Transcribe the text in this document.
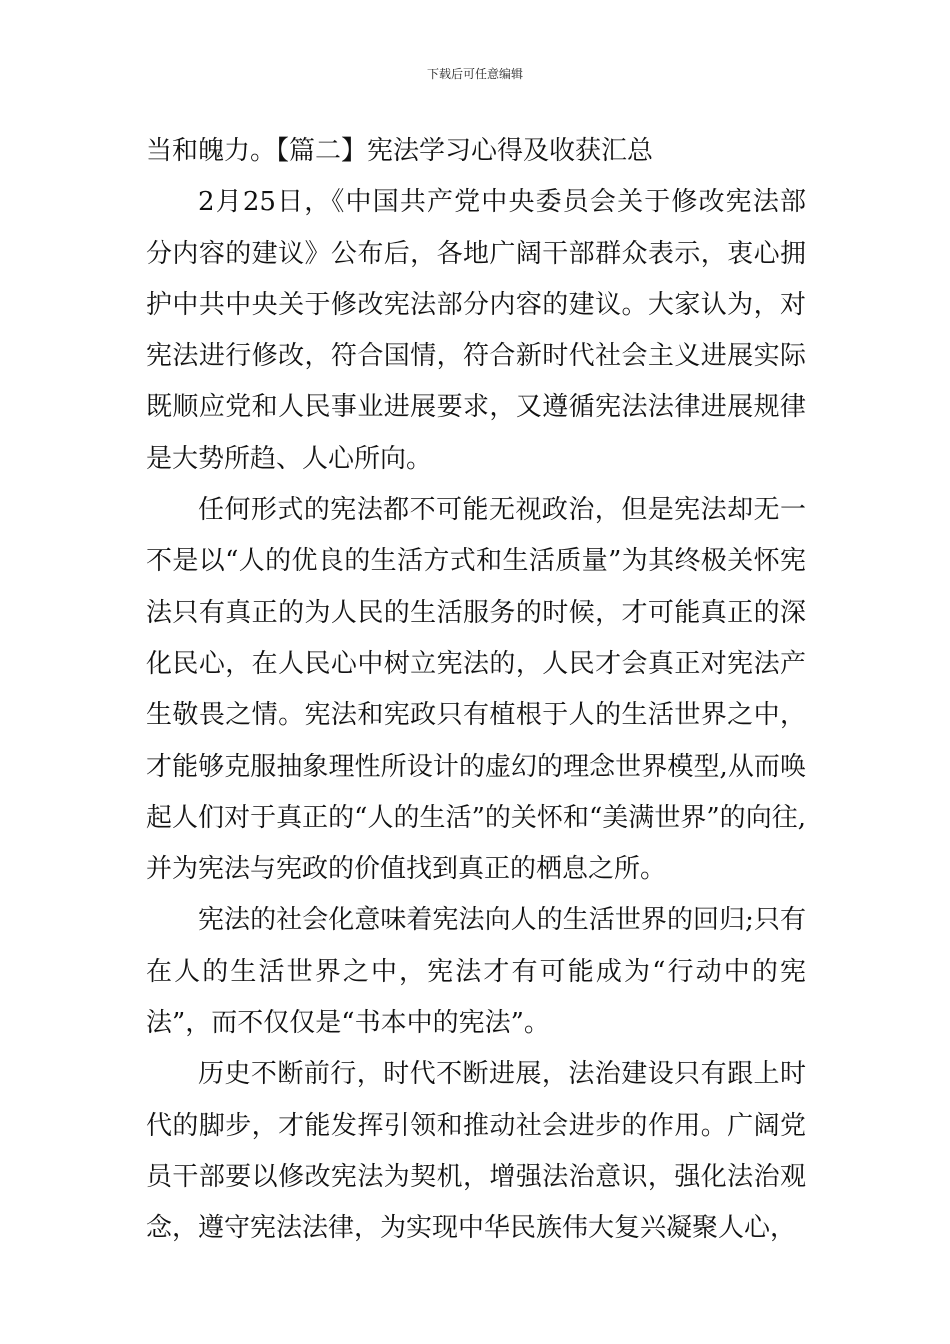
下载后可任意编辑

当和魄力。【篇二】宪法学习心得及收获汇总

2月25日，《中国共产党中央委员会关于修改宪法部分内容的建议》公布后，各地广阔干部群众表示，衷心拥护中共中央关于修改宪法部分内容的建议。大家认为，对宪法进行修改，符合国情，符合新时代社会主义进展实际既顺应党和人民事业进展要求，又遵循宪法法律进展规律是大势所趋、人心所向。

任何形式的宪法都不可能无视政治，但是宪法却无一不是以“人的优良的生活方式和生活质量”为其终极关怀宪法只有真正的为人民的生活服务的时候，才可能真正的深化民心，在人民心中树立宪法的，人民才会真正对宪法产生敬畏之情。宪法和宪政只有植根于人的生活世界之中，才能够克服抽象理性所设计的虚幻的理念世界模型,从而唤起人们对于真正的“人的生活”的关怀和“美满世界”的向往,并为宪法与宪政的价值找到真正的栖息之所。

宪法的社会化意味着宪法向人的生活世界的回归;只有在人的生活世界之中，宪法才有可能成为“行动中的宪法”，而不仅仅是“书本中的宪法”。

历史不断前行，时代不断进展，法治建设只有跟上时代的脚步，才能发挥引领和推动社会进步的作用。广阔党员干部要以修改宪法为契机，增强法治意识，强化法治观念，遵守宪法法律，为实现中华民族伟大复兴凝聚人心，
